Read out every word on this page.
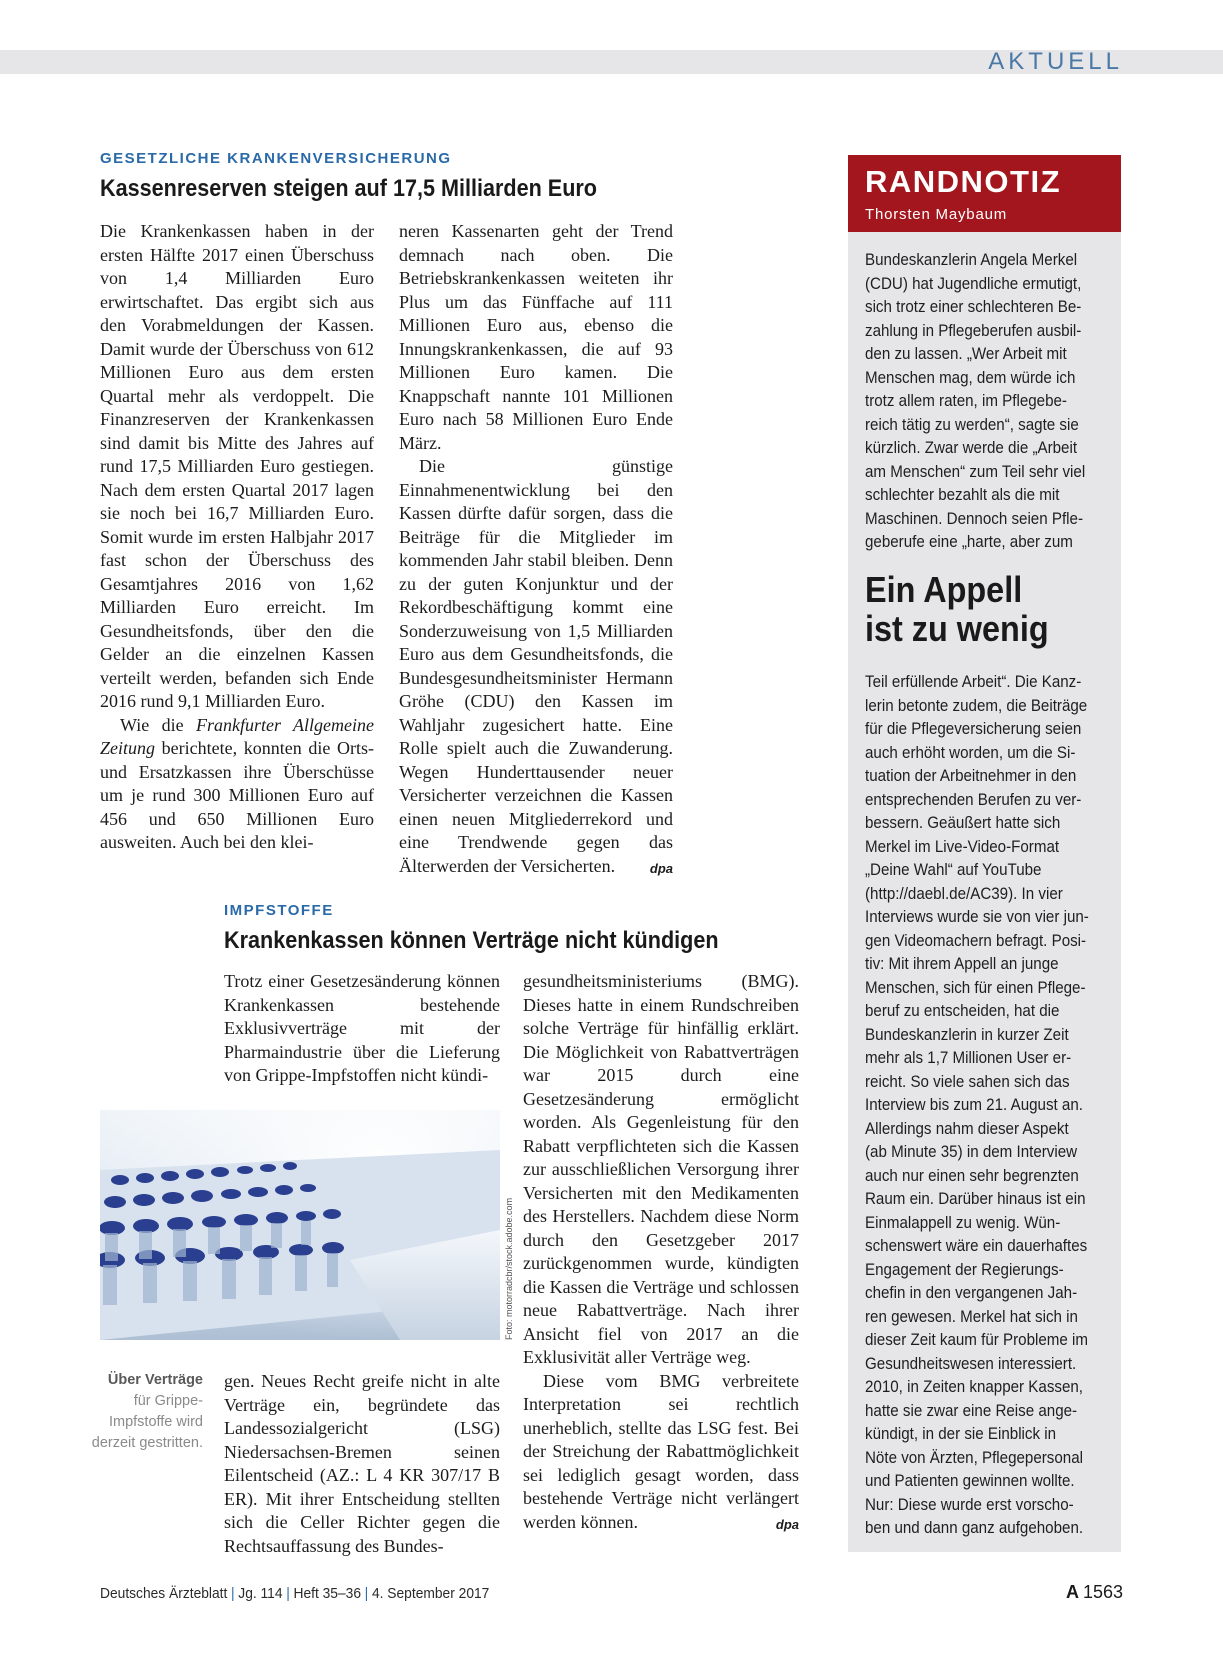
AKTUELL
GESETZLICHE KRANKENVERSICHERUNG
Kassenreserven steigen auf 17,5 Milliarden Euro

Die Krankenkassen haben in der ersten Hälfte 2017 einen Überschuss von 1,4 Milliarden Euro erwirtschaftet. Das ergibt sich aus den Vorabmeldungen der Kassen. Damit wurde der Überschuss von 612 Millionen Euro aus dem ersten Quartal mehr als verdoppelt. Die Finanzreserven der Krankenkassen sind damit bis Mitte des Jahres auf rund 17,5 Milliarden Euro gestiegen. Nach dem ersten Quartal 2017 lagen sie noch bei 16,7 Milliarden Euro. Somit wurde im ersten Halbjahr 2017 fast schon der Überschuss des Gesamtjahres 2016 von 1,62 Milliarden Euro erreicht. Im Gesundheitsfonds, über den die Gelder an die einzelnen Kassen verteilt werden, befanden sich Ende 2016 rund 9,1 Milliarden Euro.

Wie die Frankfurter Allgemeine Zeitung berichtete, konnten die Orts- und Ersatzkassen ihre Überschüsse um je rund 300 Millionen Euro auf 456 und 650 Millionen Euro ausweiten. Auch bei den klei-

neren Kassenarten geht der Trend demnach nach oben. Die Betriebskrankenkassen weiteten ihr Plus um das Fünffache auf 111 Millionen Euro aus, ebenso die Innungskrankenkassen, die auf 93 Millionen Euro kamen. Die Knappschaft nannte 101 Millionen Euro nach 58 Millionen Euro Ende März.

Die günstige Einnahmenentwicklung bei den Kassen dürfte dafür sorgen, dass die Beiträge für die Mitglieder im kommenden Jahr stabil bleiben. Denn zu der guten Konjunktur und der Rekordbeschäftigung kommt eine Sonderzuweisung von 1,5 Milliarden Euro aus dem Gesundheitsfonds, die Bundesgesundheitsminister Hermann Gröhe (CDU) den Kassen im Wahljahr zugesichert hatte. Eine Rolle spielt auch die Zuwanderung. Wegen Hunderttausender neuer Versicherter verzeichnen die Kassen einen neuen Mitgliederrekord und eine Trendwende gegen das Älterwerden der Versicherten.	dpa

IMPFSTOFFE
Krankenkassen können Verträge nicht kündigen

Trotz einer Gesetzesänderung können Krankenkassen bestehende Exklusivverträge mit der Pharmaindustrie über die Lieferung von Grippe-Impfstoffen nicht kündi-

Foto: motorradcbr/stock.adobe.com
Über Verträge für Grippe-Impfstoffe wird derzeit gestritten.

gen. Neues Recht greife nicht in alte Verträge ein, begründete das Landessozialgericht (LSG) Niedersachsen-Bremen seinen Eilentscheid (AZ.: L 4 KR 307/17 B ER). Mit ihrer Entscheidung stellten sich die Celler Richter gegen die Rechtsauffassung des Bundes-

gesundheitsministeriums (BMG). Dieses hatte in einem Rundschreiben solche Verträge für hinfällig erklärt. Die Möglichkeit von Rabattverträgen war 2015 durch eine Gesetzesänderung ermöglicht worden. Als Gegenleistung für den Rabatt verpflichteten sich die Kassen zur ausschließlichen Versorgung ihrer Versicherten mit den Medikamenten des Herstellers. Nachdem diese Norm durch den Gesetzgeber 2017 zurückgenommen wurde, kündigten die Kassen die Verträge und schlossen neue Rabattverträge. Nach ihrer Ansicht fiel von 2017 an die Exklusivität aller Verträge weg.

Diese vom BMG verbreitete Interpretation sei rechtlich unerheblich, stellte das LSG fest. Bei der Streichung der Rabattmöglichkeit sei lediglich gesagt worden, dass bestehende Verträge nicht verlängert werden können.	dpa

RANDNOTIZ
Thorsten Maybaum
Bundeskanzlerin Angela Merkel
(CDU) hat Jugendliche ermutigt,
sich trotz einer schlechteren Be-
zahlung in Pflegeberufen ausbil-
den zu lassen. „Wer Arbeit mit
Menschen mag, dem würde ich
trotz allem raten, im Pflegebe-
reich tätig zu werden“, sagte sie
kürzlich. Zwar werde die „Arbeit
am Menschen“ zum Teil sehr viel
schlechter bezahlt als die mit
Maschinen. Dennoch seien Pfle-
geberufe eine „harte, aber zum
Ein Appell
ist zu wenig
Teil erfüllende Arbeit“. Die Kanz-
lerin betonte zudem, die Beiträge
für die Pflegeversicherung seien
auch erhöht worden, um die Si-
tuation der Arbeitnehmer in den
entsprechenden Berufen zu ver-
bessern. Geäußert hatte sich
Merkel im Live-Video-Format
„Deine Wahl“ auf YouTube
(http://daebl.de/AC39). In vier
Interviews wurde sie von vier jun-
gen Videomachern befragt. Posi-
tiv: Mit ihrem Appell an junge
Menschen, sich für einen Pflege-
beruf zu entscheiden, hat die
Bundeskanzlerin in kurzer Zeit
mehr als 1,7 Millionen User er-
reicht. So viele sahen sich das
Interview bis zum 21. August an.
Allerdings nahm dieser Aspekt
(ab Minute 35) in dem Interview
auch nur einen sehr begrenzten
Raum ein. Darüber hinaus ist ein
Einmalappell zu wenig. Wün-
schenswert wäre ein dauerhaftes
Engagement der Regierungs-
chefin in den vergangenen Jah-
ren gewesen. Merkel hat sich in
dieser Zeit kaum für Probleme im
Gesundheitswesen interessiert.
2010, in Zeiten knapper Kassen,
hatte sie zwar eine Reise ange-
kündigt, in der sie Einblick in
Nöte von Ärzten, Pflegepersonal
und Patienten gewinnen wollte.
Nur: Diese wurde erst vorscho-
ben und dann ganz aufgehoben.
Deutsches Ärzteblatt | Jg. 114 | Heft 35–36 | 4. September 2017	A 1563
